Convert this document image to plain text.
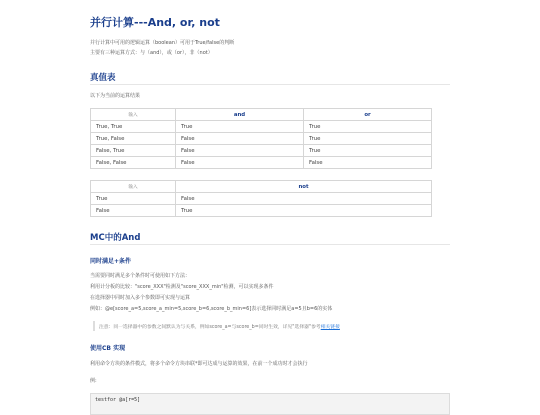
并行计算---And, or, not
并行计算中可用的逻辑运算（boolean）可用于True/false的判断
主要有三种运算方式：与（and），或（or），非（not）
真值表
以下为当前的运算结果
输入	and	or
True, True	True	True
True, False	False	True
False, True	False	True
False, False	False	False
输入	not
True	False
False	True
MC中的And
同时满足+条件
当需要同时满足多个条件时可使用如下方法：
利用计分板的比较："score_XXX"检测及"score_XXX_min"检测，可以实现多条件
在选择器中同时加入多个参数即可实现与运算
例如：@e[score_a=5,score_a_min=5,score_b=6,score_b_min=6]表示选择同时满足a=5且b=6的实体
注意：同一选择器中的参数之间默认为与关系，例如score_a=与score_b=同时生效，详见"选择器"参考相关链接
使用CB 实现
利用命令方块的条件模式，将多个命令方块串联*即可达成与运算的效果，在前一个成功时才会执行
例:
testfor @a[r=5]
